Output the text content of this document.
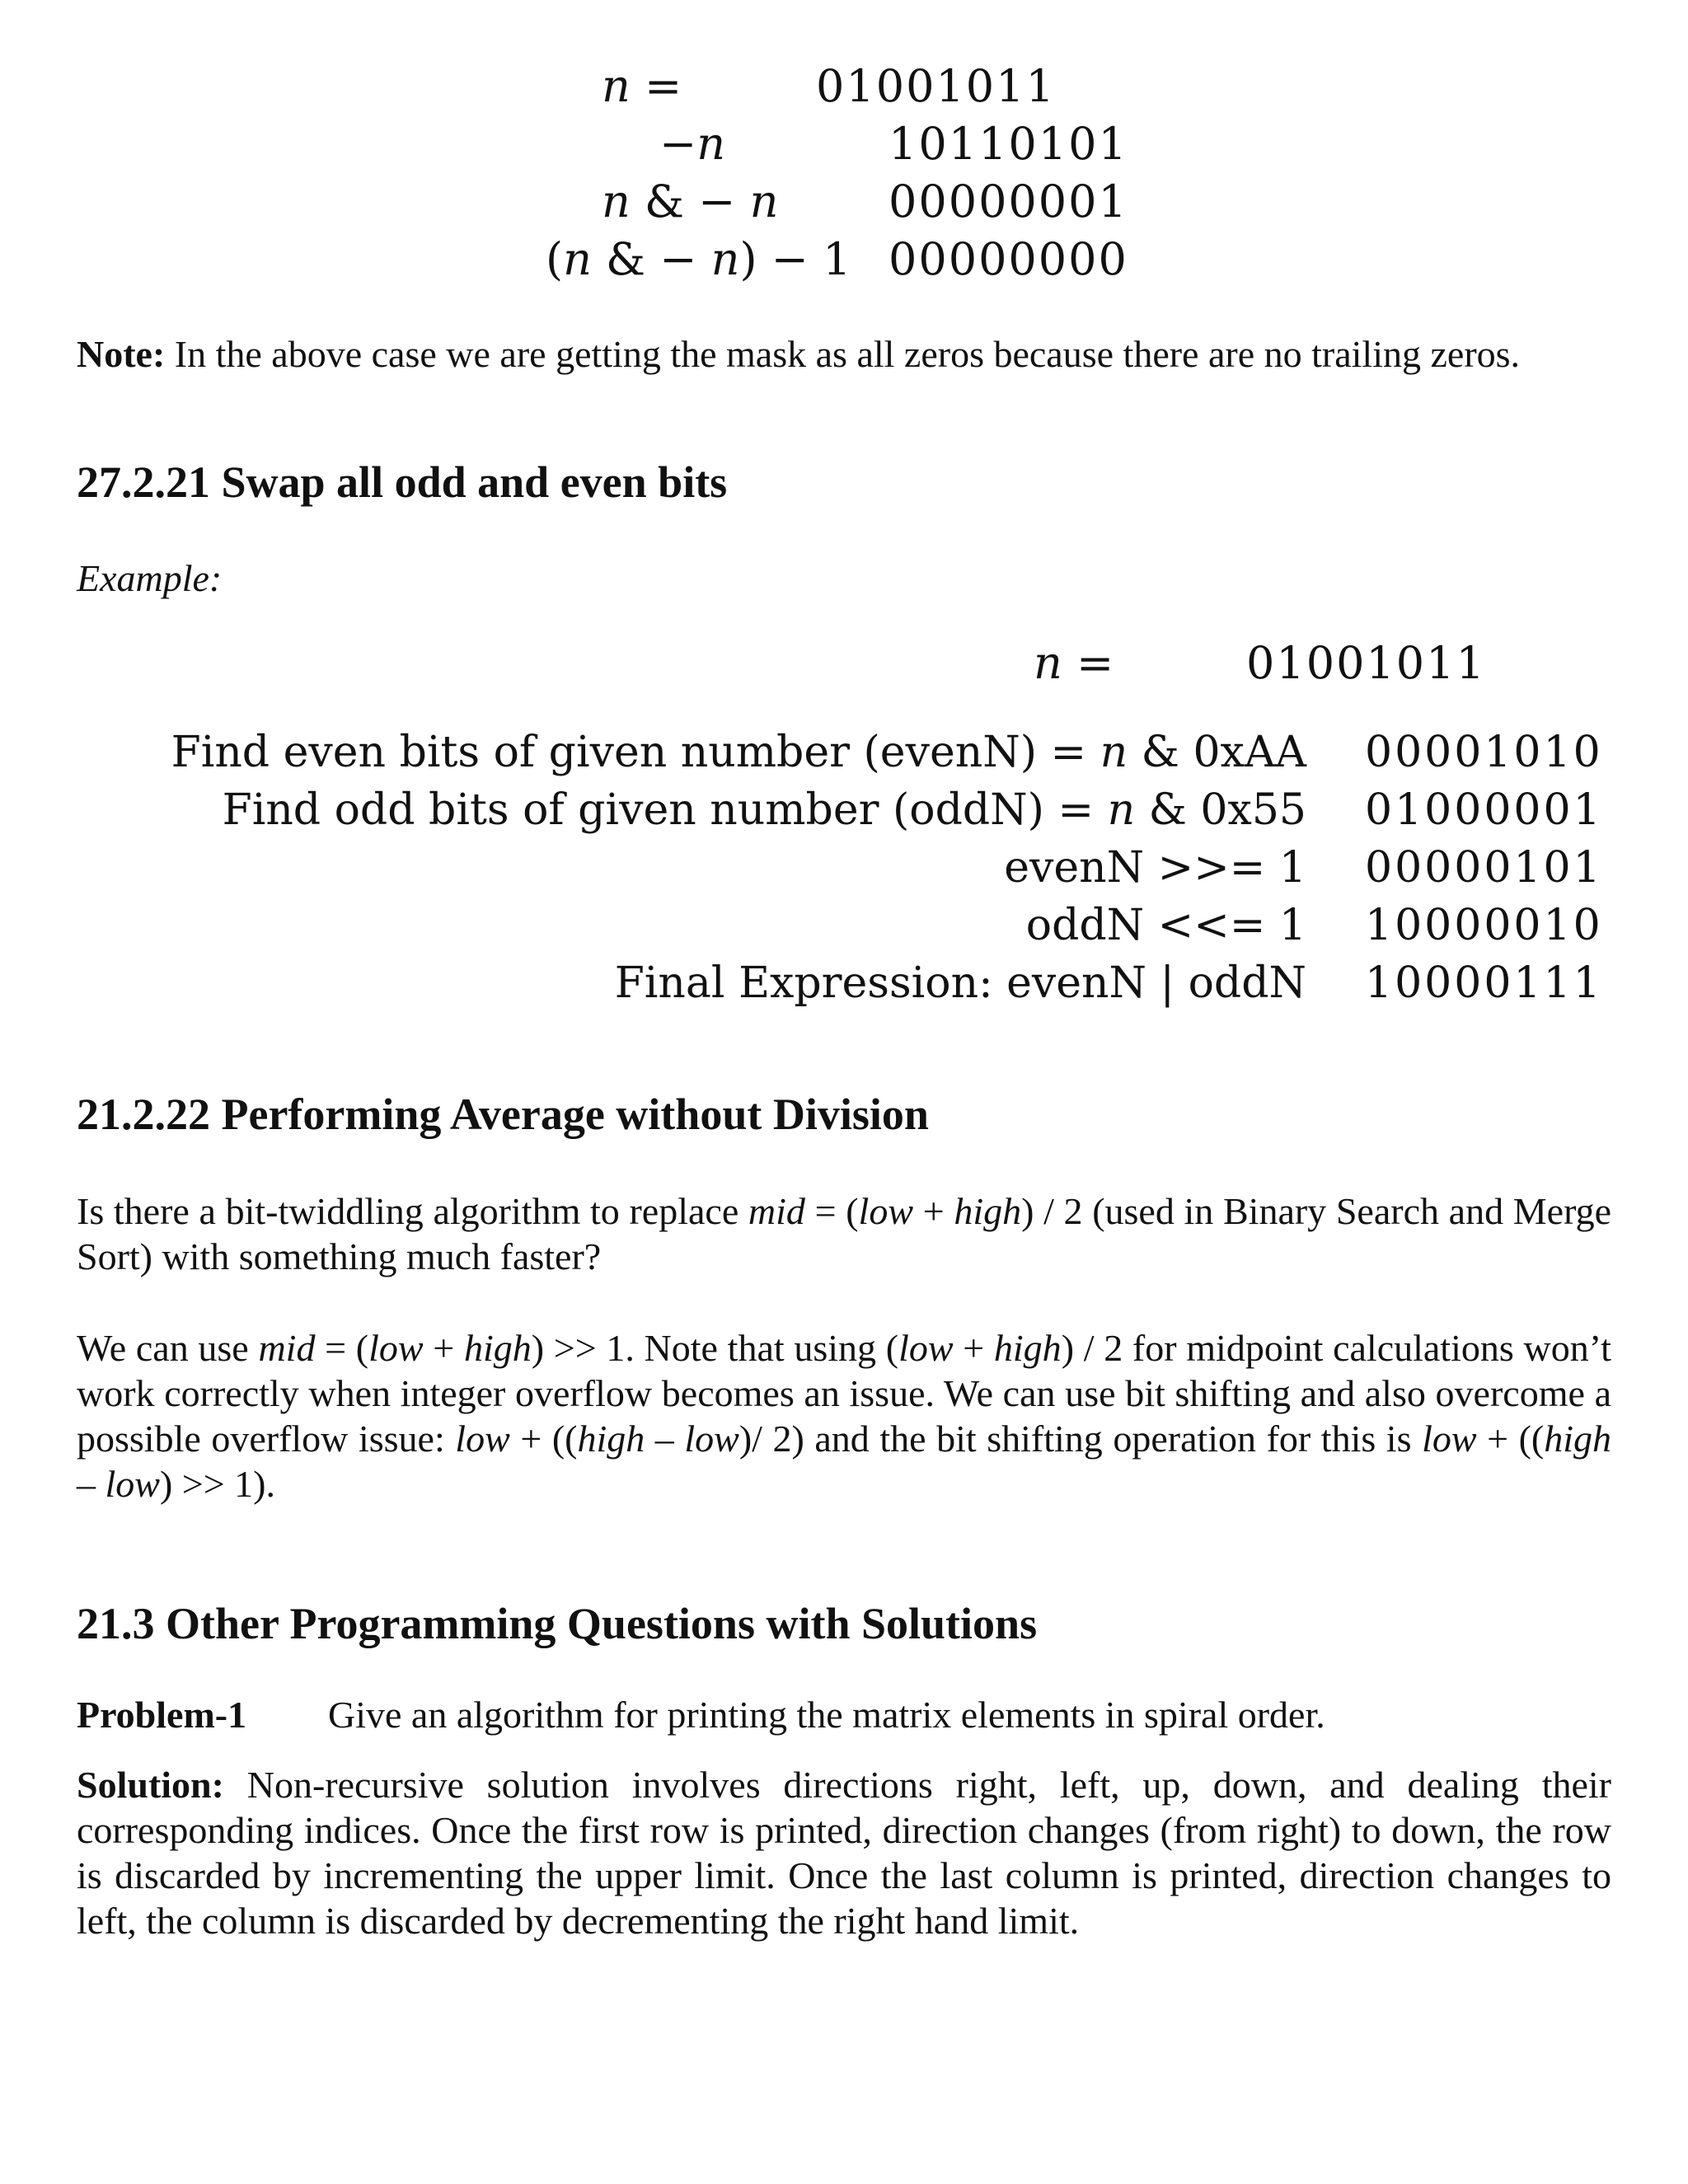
n =	01001011
−n	10110101
n & − n 00000001
(n & − n) − 1 00000000
Note: In the above case we are getting the mask as all zeros because there are no trailing zeros.
27.2.21 Swap all odd and even bits
Example:
n =	01001011
Find even bits of given number (evenN) = n & 0xAA 00001010
Find odd bits of given number (oddN) = n & 0x55 01000001
evenN >>= 1 00000101
oddN <<= 1 10000010
Final Expression: evenN | oddN 10000111
21.2.22 Performing Average without Division
Is there a bit-twiddling algorithm to replace mid = (low + high) / 2 (used in Binary Search and Merge Sort) with something much faster?
We can use mid = (low + high) >> 1. Note that using (low + high) / 2 for midpoint calculations won’t work correctly when integer overflow becomes an issue. We can use bit shifting and also overcome a possible overflow issue: low + ((high – low)/ 2) and the bit shifting operation for this is low + ((high – low) >> 1).
21.3 Other Programming Questions with Solutions
Problem-1 Give an algorithm for printing the matrix elements in spiral order.
Solution: Non-recursive solution involves directions right, left, up, down, and dealing their corresponding indices. Once the first row is printed, direction changes (from right) to down, the row is discarded by incrementing the upper limit. Once the last column is printed, direction changes to left, the column is discarded by decrementing the right hand limit.
